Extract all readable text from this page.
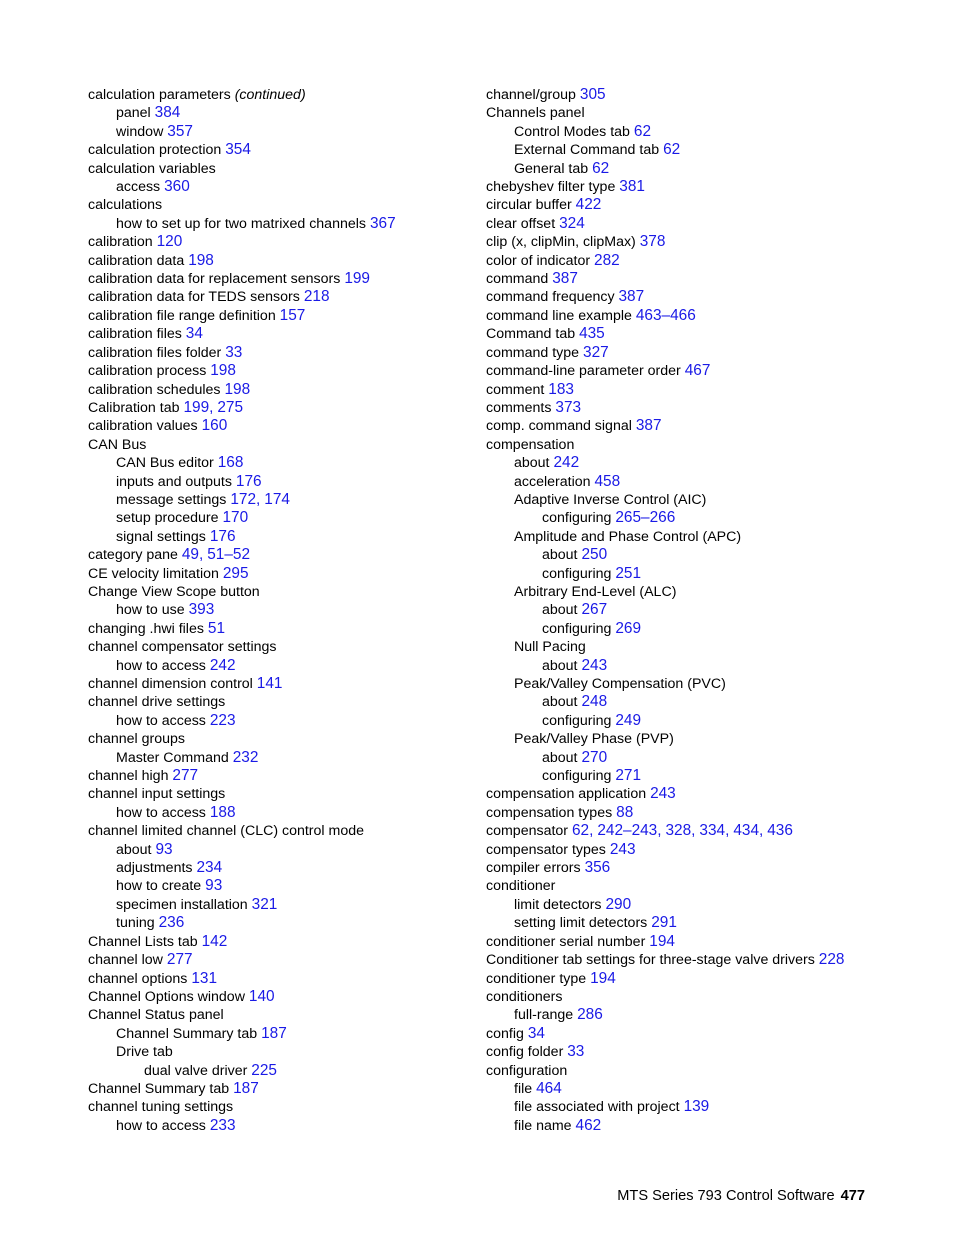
calculation parameters (continued)
panel 384
window 357
calculation protection 354
calculation variables
access 360
calculations
how to set up for two matrixed channels 367
calibration 120
calibration data 198
calibration data for replacement sensors 199
calibration data for TEDS sensors 218
calibration file range definition 157
calibration files 34
calibration files folder 33
calibration process 198
calibration schedules 198
Calibration tab 199, 275
calibration values 160
CAN Bus
CAN Bus editor 168
inputs and outputs 176
message settings 172, 174
setup procedure 170
signal settings 176
category pane 49, 51–52
CE velocity limitation 295
Change View Scope button
how to use 393
changing .hwi files 51
channel compensator settings
how to access 242
channel dimension control 141
channel drive settings
how to access 223
channel groups
Master Command 232
channel high 277
channel input settings
how to access 188
channel limited channel (CLC) control mode
about 93
adjustments 234
how to create 93
specimen installation 321
tuning 236
Channel Lists tab 142
channel low 277
channel options 131
Channel Options window 140
Channel Status panel
Channel Summary tab 187
Drive tab
dual valve driver 225
Channel Summary tab 187
channel tuning settings
how to access 233
channel/group 305
Channels panel
Control Modes tab 62
External Command tab 62
General tab 62
chebyshev filter type 381
circular buffer 422
clear offset 324
clip (x, clipMin, clipMax) 378
color of indicator 282
command 387
command frequency 387
command line example 463–466
Command tab 435
command type 327
command-line parameter order 467
comment 183
comments 373
comp. command signal 387
compensation
about 242
acceleration 458
Adaptive Inverse Control (AIC)
configuring 265–266
Amplitude and Phase Control (APC)
about 250
configuring 251
Arbitrary End-Level (ALC)
about 267
configuring 269
Null Pacing
about 243
Peak/Valley Compensation (PVC)
about 248
configuring 249
Peak/Valley Phase (PVP)
about 270
configuring 271
compensation application 243
compensation types 88
compensator 62, 242–243, 328, 334, 434, 436
compensator types 243
compiler errors 356
conditioner
limit detectors 290
setting limit detectors 291
conditioner serial number 194
Conditioner tab settings for three-stage valve drivers 228
conditioner type 194
conditioners
full-range 286
config 34
config folder 33
configuration
file 464
file associated with project 139
file name 462
MTS Series 793 Control Software 477
